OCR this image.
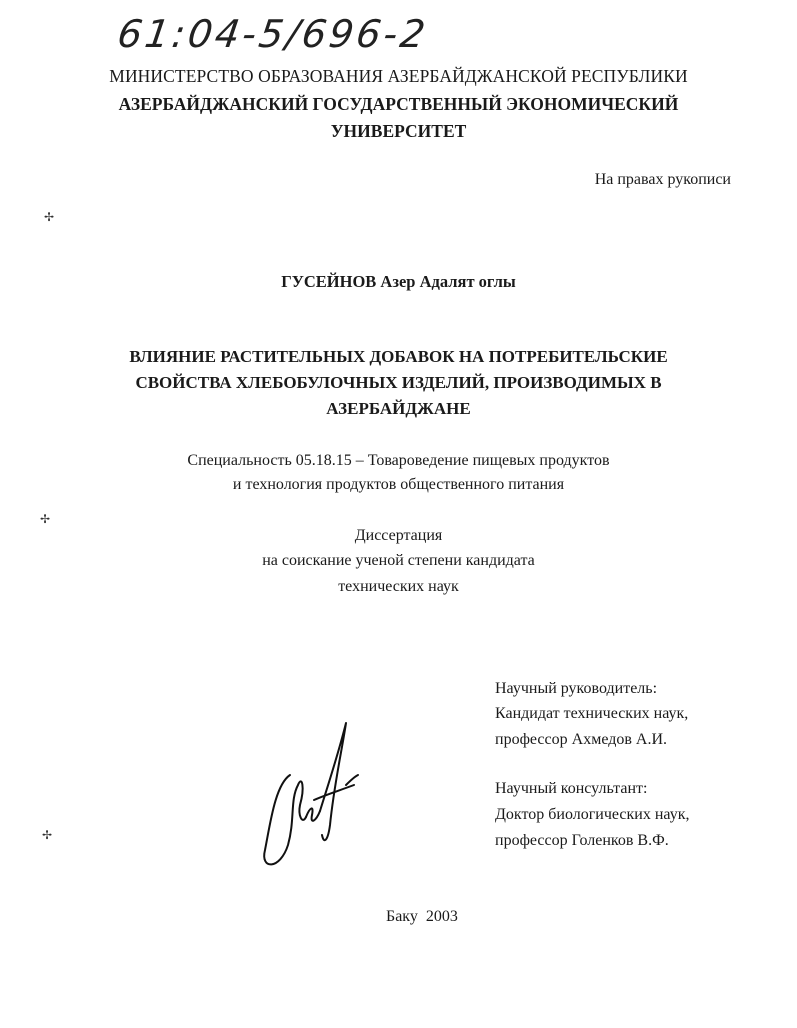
61:04-5/696-2
МИНИСТЕРСТВО ОБРАЗОВАНИЯ АЗЕРБАЙДЖАНСКОЙ РЕСПУБЛИКИ
АЗЕРБАЙДЖАНСКИЙ ГОСУДАРСТВЕННЫЙ ЭКОНОМИЧЕСКИЙ
УНИВЕРСИТЕТ
На правах рукописи
ГУСЕЙНОВ Азер Адалят оглы
ВЛИЯНИЕ РАСТИТЕЛЬНЫХ ДОБАВОК НА ПОТРЕБИТЕЛЬСКИЕ
СВОЙСТВА ХЛЕБОБУЛОЧНЫХ ИЗДЕЛИЙ, ПРОИЗВОДИМЫХ В
АЗЕРБАЙДЖАНЕ
Специальность 05.18.15 – Товароведение пищевых продуктов
и технология продуктов общественного питания
Диссертация
на соискание ученой степени кандидата
технических наук
Научный руководитель:
Кандидат технических наук,
профессор Ахмедов А.И.
Научный консультант:
Доктор биологических наук,
профессор Голенков В.Ф.
Баку 2003
✢
✢
✢
